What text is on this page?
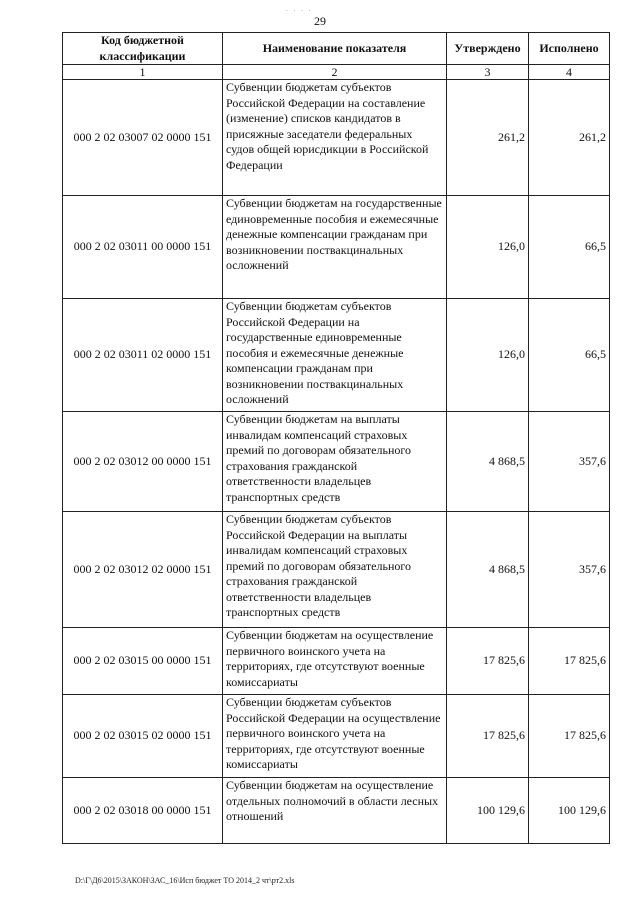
. . . .
29
Код бюджетной классификации	Наименование показателя	Утверждено	Исполнено
1	2	3	4
000 2 02 03007 02 0000 151	Субвенции бюджетам субъектов Российской Федерации на составление (изменение) списков кандидатов в присяжные заседатели федеральных судов общей юрисдикции в Российской Федерации	261,2	261,2
000 2 02 03011 00 0000 151	Субвенции бюджетам на государственные единовременные пособия и ежемесячные денежные компенсации гражданам при возникновении поствакцинальных осложнений	126,0	66,5
000 2 02 03011 02 0000 151	Субвенции бюджетам субъектов Российской Федерации на государственные единовременные пособия и ежемесячные денежные компенсации гражданам при возникновении поствакцинальных осложнений	126,0	66,5
000 2 02 03012 00 0000 151	Субвенции бюджетам на выплаты инвалидам компенсаций страховых премий по договорам обязательного страхования гражданской ответственности владельцев транспортных средств	4 868,5	357,6
000 2 02 03012 02 0000 151	Субвенции бюджетам субъектов Российской Федерации на выплаты инвалидам компенсаций страховых премий по договорам обязательного страхования гражданской ответственности владельцев транспортных средств	4 868,5	357,6
000 2 02 03015 00 0000 151	Субвенции бюджетам на осуществление первичного воинского учета на территориях, где отсутствуют военные комиссариаты	17 825,6	17 825,6
000 2 02 03015 02 0000 151	Субвенции бюджетам субъектов Российской Федерации на осуществление первичного воинского учета на территориях, где отсутствуют военные комиссариаты	17 825,6	17 825,6
000 2 02 03018 00 0000 151	Субвенции бюджетам на осуществление отдельных полномочий в области лесных отношений	100 129,6	100 129,6
D:\Г\Д6\2015\ЗАКОН\ЗАС_16\Исп бюджет ТО 2014_2 чт\рт2.xls
